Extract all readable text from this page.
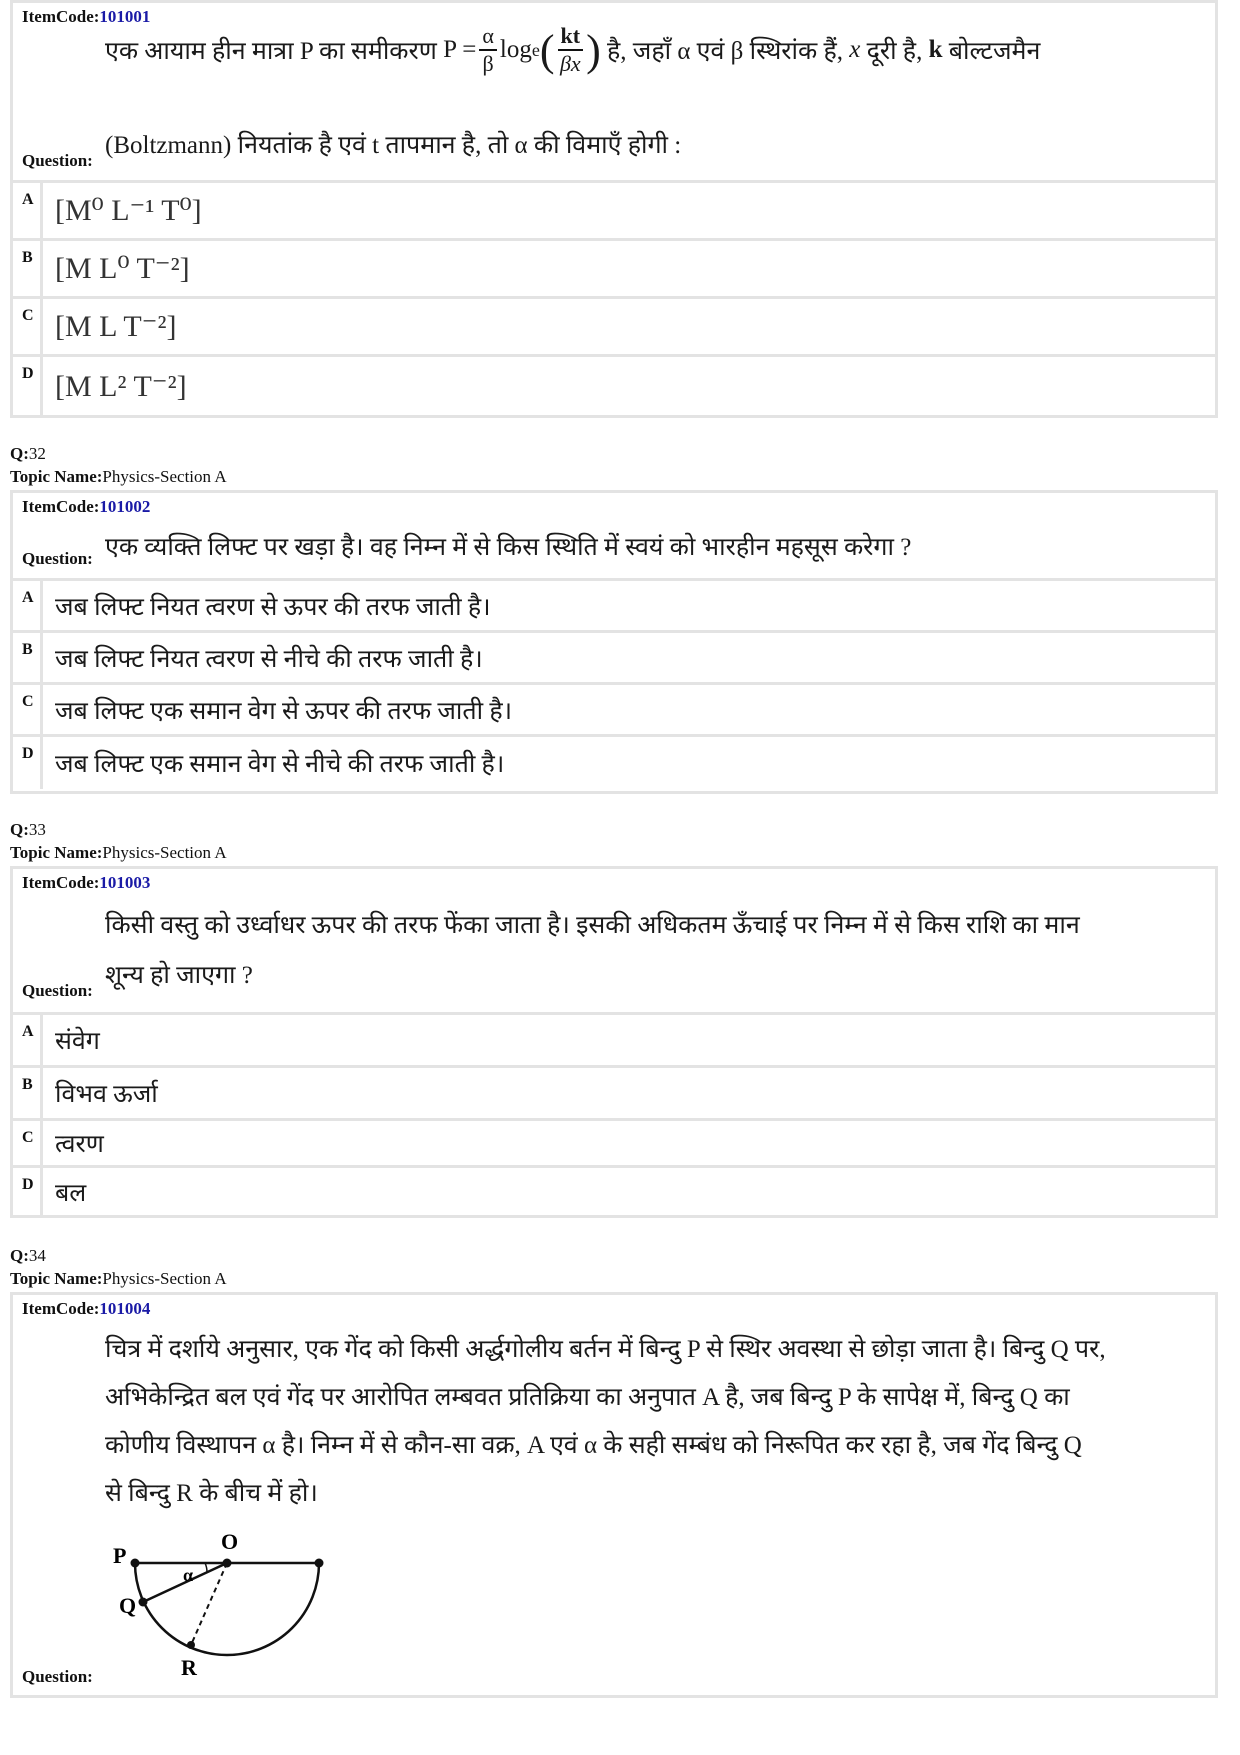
ItemCode:101001
एक आयाम हीन मात्रा P का समीकरण
$P = \frac{\alpha}{\beta}$ log e ( $\frac{kt}{\beta x}$ )
है, जहाँ α एवं β स्थिरांक हैं,
x
दूरी है,
k
बोल्टजमैन
(Boltzmann) नियतांक है एवं t तापमान है, तो α की विमाएँ होगी :
Question:
A [M⁰ L⁻¹ T⁰]
B [M L⁰ T⁻²]
C [M L T⁻²]
D [M L² T⁻²]
Q:32
Topic Name:Physics-Section A
ItemCode:101002
एक व्यक्ति लिफ्ट पर खड़ा है। वह निम्न में से किस स्थिति में स्वयं को भारहीन महसूस करेगा ?
Question:
A जब लिफ्ट नियत त्वरण से ऊपर की तरफ जाती है।
B जब लिफ्ट नियत त्वरण से नीचे की तरफ जाती है।
C जब लिफ्ट एक समान वेग से ऊपर की तरफ जाती है।
D जब लिफ्ट एक समान वेग से नीचे की तरफ जाती है।
Q:33
Topic Name:Physics-Section A
ItemCode:101003
किसी वस्तु को उर्ध्वाधर ऊपर की तरफ फेंका जाता है। इसकी अधिकतम ऊँचाई पर निम्न में से किस राशि का मान
शून्य हो जाएगा ?
Question:
A संवेग
B विभव ऊर्जा
C त्वरण
D बल
Q:34
Topic Name:Physics-Section A
ItemCode:101004
चित्र में दर्शाये अनुसार, एक गेंद को किसी अर्द्धगोलीय बर्तन में बिन्दु P से स्थिर अवस्था से छोड़ा जाता है। बिन्दु Q पर,
अभिकेन्द्रित बल एवं गेंद पर आरोपित लम्बवत प्रतिक्रिया का अनुपात A है, जब बिन्दु P के सापेक्ष में, बिन्दु Q का
कोणीय विस्थापन α है। निम्न में से कौन-सा वक्र, A एवं α के सही सम्बंध को निरूपित कर रहा है, जब गेंद बिन्दु Q
से बिन्दु R के बीच में हो।
P
O
α
Q
R
Question:
